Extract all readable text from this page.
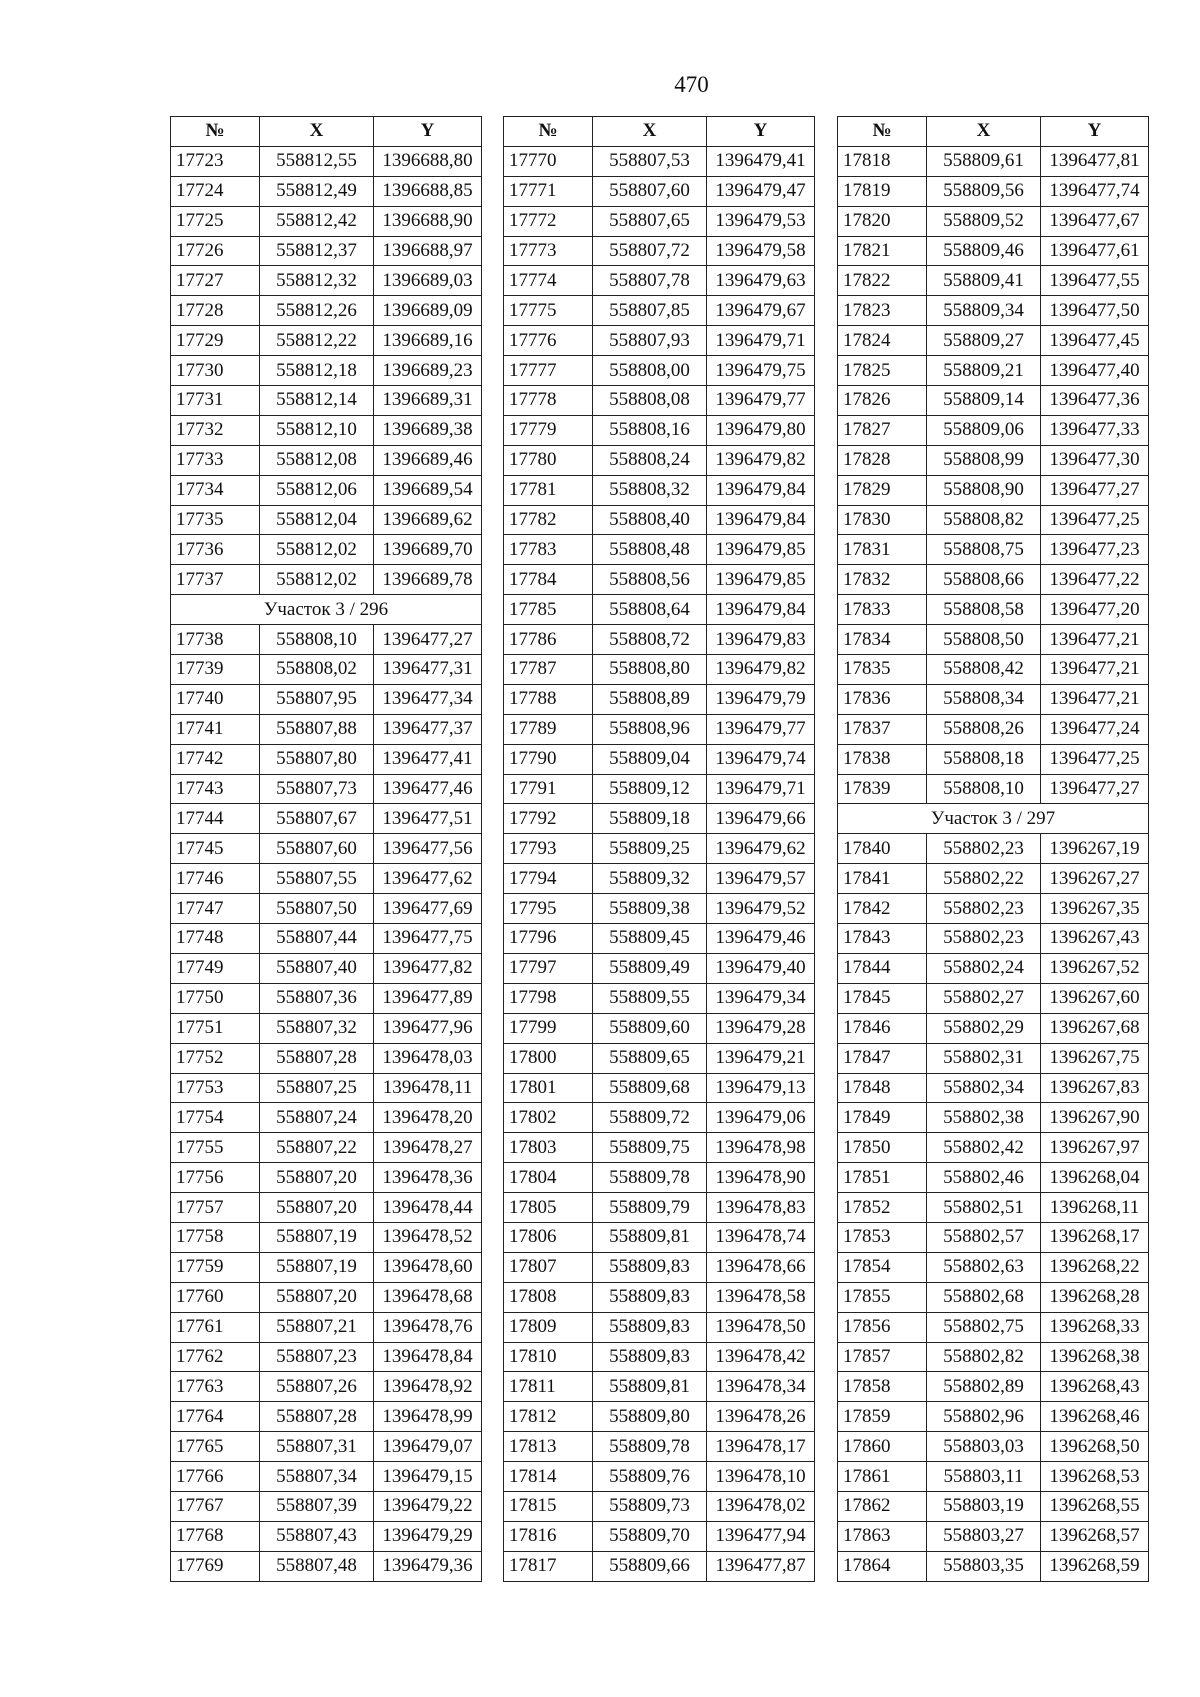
470
№	X	Y
17723	558812,55	1396688,80
17724	558812,49	1396688,85
17725	558812,42	1396688,90
17726	558812,37	1396688,97
17727	558812,32	1396689,03
17728	558812,26	1396689,09
17729	558812,22	1396689,16
17730	558812,18	1396689,23
17731	558812,14	1396689,31
17732	558812,10	1396689,38
17733	558812,08	1396689,46
17734	558812,06	1396689,54
17735	558812,04	1396689,62
17736	558812,02	1396689,70
17737	558812,02	1396689,78
Участок 3 / 296		
17738	558808,10	1396477,27
17739	558808,02	1396477,31
17740	558807,95	1396477,34
17741	558807,88	1396477,37
17742	558807,80	1396477,41
17743	558807,73	1396477,46
17744	558807,67	1396477,51
17745	558807,60	1396477,56
17746	558807,55	1396477,62
17747	558807,50	1396477,69
17748	558807,44	1396477,75
17749	558807,40	1396477,82
17750	558807,36	1396477,89
17751	558807,32	1396477,96
17752	558807,28	1396478,03
17753	558807,25	1396478,11
17754	558807,24	1396478,20
17755	558807,22	1396478,27
17756	558807,20	1396478,36
17757	558807,20	1396478,44
17758	558807,19	1396478,52
17759	558807,19	1396478,60
17760	558807,20	1396478,68
17761	558807,21	1396478,76
17762	558807,23	1396478,84
17763	558807,26	1396478,92
17764	558807,28	1396478,99
17765	558807,31	1396479,07
17766	558807,34	1396479,15
17767	558807,39	1396479,22
17768	558807,43	1396479,29
17769	558807,48	1396479,36
№	X	Y
17770	558807,53	1396479,41
17771	558807,60	1396479,47
17772	558807,65	1396479,53
17773	558807,72	1396479,58
17774	558807,78	1396479,63
17775	558807,85	1396479,67
17776	558807,93	1396479,71
17777	558808,00	1396479,75
17778	558808,08	1396479,77
17779	558808,16	1396479,80
17780	558808,24	1396479,82
17781	558808,32	1396479,84
17782	558808,40	1396479,84
17783	558808,48	1396479,85
17784	558808,56	1396479,85
17785	558808,64	1396479,84
17786	558808,72	1396479,83
17787	558808,80	1396479,82
17788	558808,89	1396479,79
17789	558808,96	1396479,77
17790	558809,04	1396479,74
17791	558809,12	1396479,71
17792	558809,18	1396479,66
17793	558809,25	1396479,62
17794	558809,32	1396479,57
17795	558809,38	1396479,52
17796	558809,45	1396479,46
17797	558809,49	1396479,40
17798	558809,55	1396479,34
17799	558809,60	1396479,28
17800	558809,65	1396479,21
17801	558809,68	1396479,13
17802	558809,72	1396479,06
17803	558809,75	1396478,98
17804	558809,78	1396478,90
17805	558809,79	1396478,83
17806	558809,81	1396478,74
17807	558809,83	1396478,66
17808	558809,83	1396478,58
17809	558809,83	1396478,50
17810	558809,83	1396478,42
17811	558809,81	1396478,34
17812	558809,80	1396478,26
17813	558809,78	1396478,17
17814	558809,76	1396478,10
17815	558809,73	1396478,02
17816	558809,70	1396477,94
17817	558809,66	1396477,87
№	X	Y
17818	558809,61	1396477,81
17819	558809,56	1396477,74
17820	558809,52	1396477,67
17821	558809,46	1396477,61
17822	558809,41	1396477,55
17823	558809,34	1396477,50
17824	558809,27	1396477,45
17825	558809,21	1396477,40
17826	558809,14	1396477,36
17827	558809,06	1396477,33
17828	558808,99	1396477,30
17829	558808,90	1396477,27
17830	558808,82	1396477,25
17831	558808,75	1396477,23
17832	558808,66	1396477,22
17833	558808,58	1396477,20
17834	558808,50	1396477,21
17835	558808,42	1396477,21
17836	558808,34	1396477,21
17837	558808,26	1396477,24
17838	558808,18	1396477,25
17839	558808,10	1396477,27
Участок 3 / 297		
17840	558802,23	1396267,19
17841	558802,22	1396267,27
17842	558802,23	1396267,35
17843	558802,23	1396267,43
17844	558802,24	1396267,52
17845	558802,27	1396267,60
17846	558802,29	1396267,68
17847	558802,31	1396267,75
17848	558802,34	1396267,83
17849	558802,38	1396267,90
17850	558802,42	1396267,97
17851	558802,46	1396268,04
17852	558802,51	1396268,11
17853	558802,57	1396268,17
17854	558802,63	1396268,22
17855	558802,68	1396268,28
17856	558802,75	1396268,33
17857	558802,82	1396268,38
17858	558802,89	1396268,43
17859	558802,96	1396268,46
17860	558803,03	1396268,50
17861	558803,11	1396268,53
17862	558803,19	1396268,55
17863	558803,27	1396268,57
17864	558803,35	1396268,59
